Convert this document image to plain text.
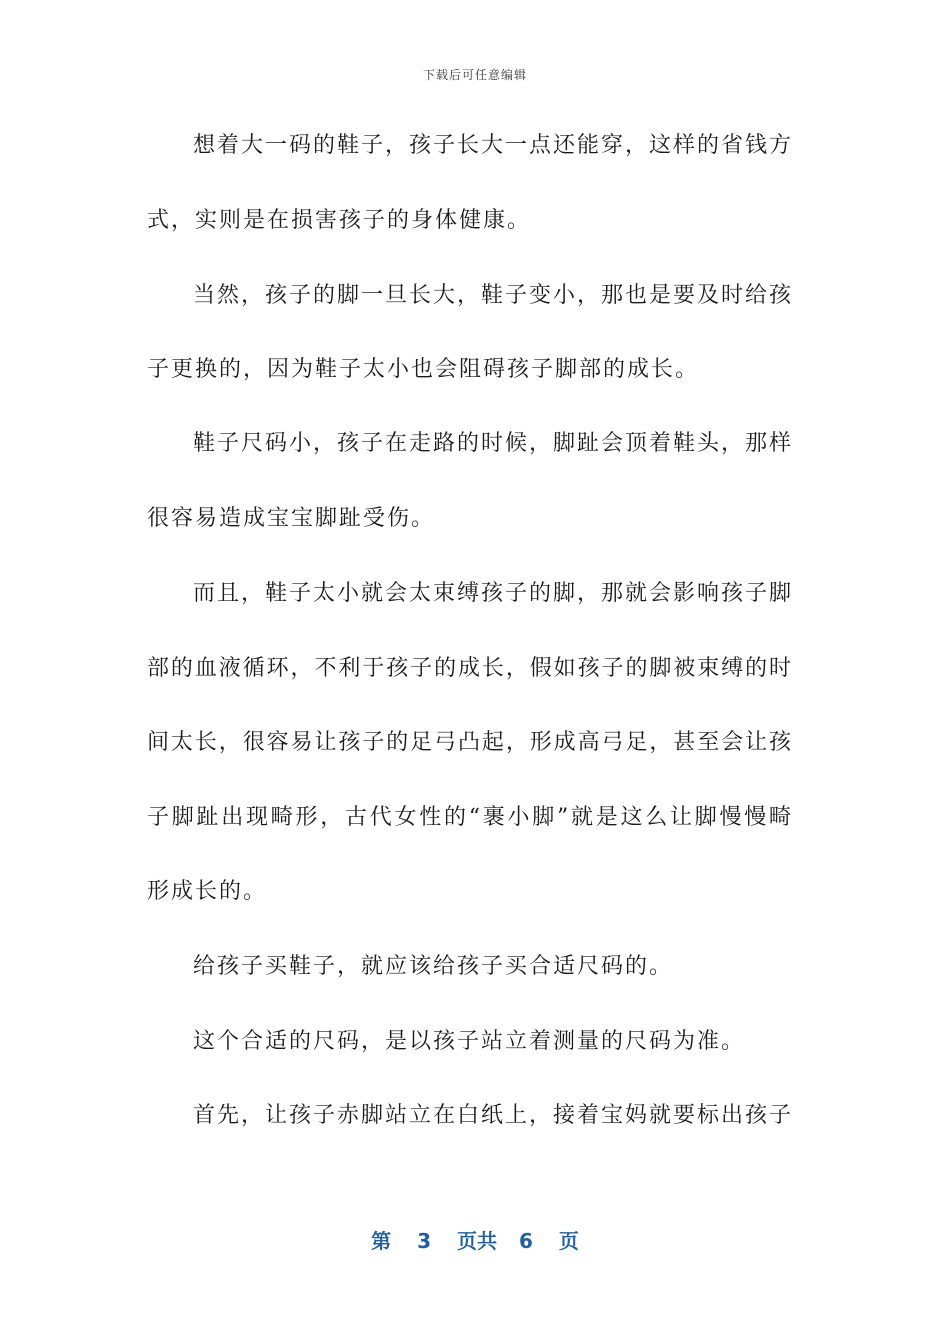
下载后可任意编辑
想着大一码的鞋子，孩子长大一点还能穿，这样的省钱方
式，实则是在损害孩子的身体健康。
当然，孩子的脚一旦长大，鞋子变小，那也是要及时给孩
子更换的，因为鞋子太小也会阻碍孩子脚部的成长。
鞋子尺码小，孩子在走路的时候，脚趾会顶着鞋头，那样
很容易造成宝宝脚趾受伤。
而且，鞋子太小就会太束缚孩子的脚，那就会影响孩子脚
部的血液循环，不利于孩子的成长，假如孩子的脚被束缚的时
间太长，很容易让孩子的足弓凸起，形成高弓足，甚至会让孩
子脚趾出现畸形，古代女性的“裹小脚”就是这么让脚慢慢畸
形成长的。
给孩子买鞋子，就应该给孩子买合适尺码的。
这个合适的尺码，是以孩子站立着测量的尺码为准。
首先，让孩子赤脚站立在白纸上，接着宝妈就要标出孩子
第 3 页共 6 页
